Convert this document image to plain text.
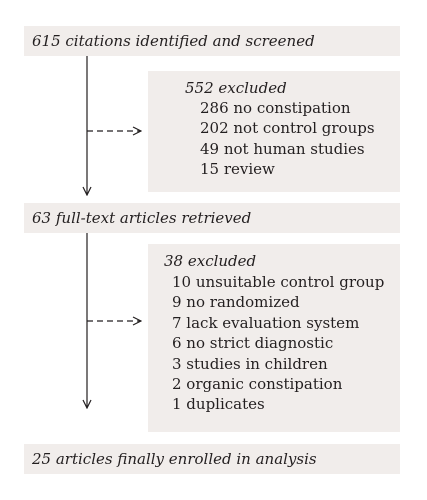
615 citations identified and screened
552 excluded
286 no constipation
202 not control groups
49 not human studies
15 review
63 full-text articles retrieved
38 excluded
10 unsuitable control group
9 no randomized
7 lack evaluation system
6 no strict diagnostic
3 studies in children
2 organic constipation
1 duplicates
25 articles finally enrolled in analysis
